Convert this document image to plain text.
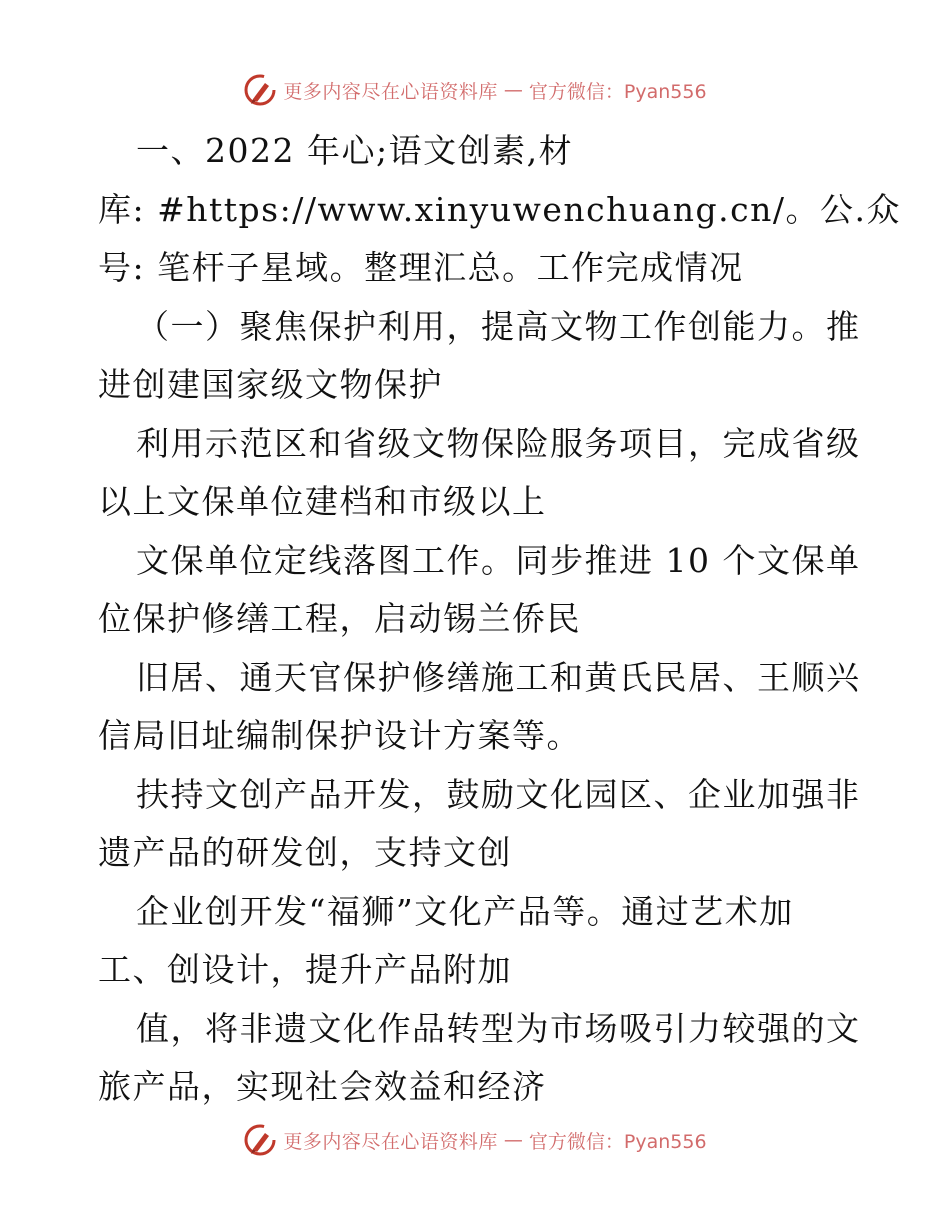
更多内容尽在心语资料库 — 官方微信：Pyan556
一、2022 年心;语文创素,材
库: #https://www.xinyuwenchuang.cn/。公.众
号: 笔杆子星域。整理汇总。工作完成情况
（一）聚焦保护利用，提高文物工作创能力。推
进创建国家级文物保护
利用示范区和省级文物保险服务项目，完成省级
以上文保单位建档和市级以上
文保单位定线落图工作。同步推进 10 个文保单
位保护修缮工程，启动锡兰侨民
旧居、通天官保护修缮施工和黄氏民居、王顺兴
信局旧址编制保护设计方案等。
扶持文创产品开发，鼓励文化园区、企业加强非
遗产品的研发创，支持文创
企业创开发“福狮”文化产品等。通过艺术加
工、创设计，提升产品附加
值，将非遗文化作品转型为市场吸引力较强的文
旅产品，实现社会效益和经济
更多内容尽在心语资料库 — 官方微信：Pyan556
